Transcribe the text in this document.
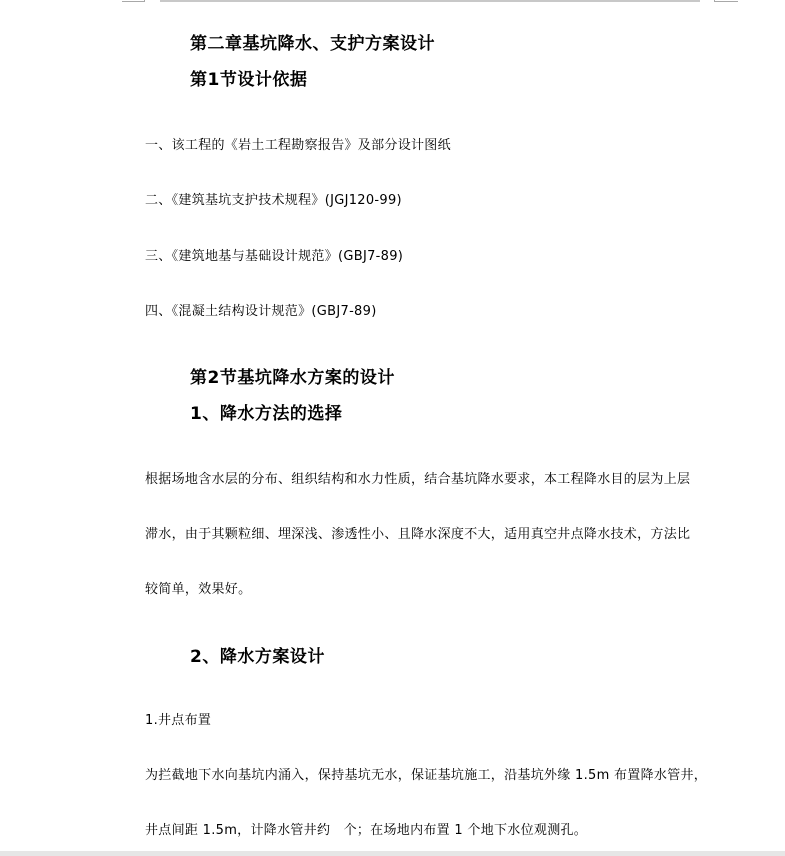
第二章基坑降水、支护方案设计
第1节设计依据
一、该工程的《岩土工程勘察报告》及部分设计图纸
二、《建筑基坑支护技术规程》(JGJ120-99)
三、《建筑地基与基础设计规范》(GBJ7-89)
四、《混凝土结构设计规范》(GBJ7-89)
第2节基坑降水方案的设计
1、降水方法的选择
根据场地含水层的分布、组织结构和水力性质，结合基坑降水要求，本工程降水目的层为上层
滞水，由于其颗粒细、埋深浅、渗透性小、且降水深度不大，适用真空井点降水技术，方法比
较简单，效果好。
2、降水方案设计
1.井点布置
为拦截地下水向基坑内涌入，保持基坑无水，保证基坑施工，沿基坑外缘 1.5m 布置降水管井，
井点间距 1.5m，计降水管井约　个；在场地内布置 1 个地下水位观测孔。
